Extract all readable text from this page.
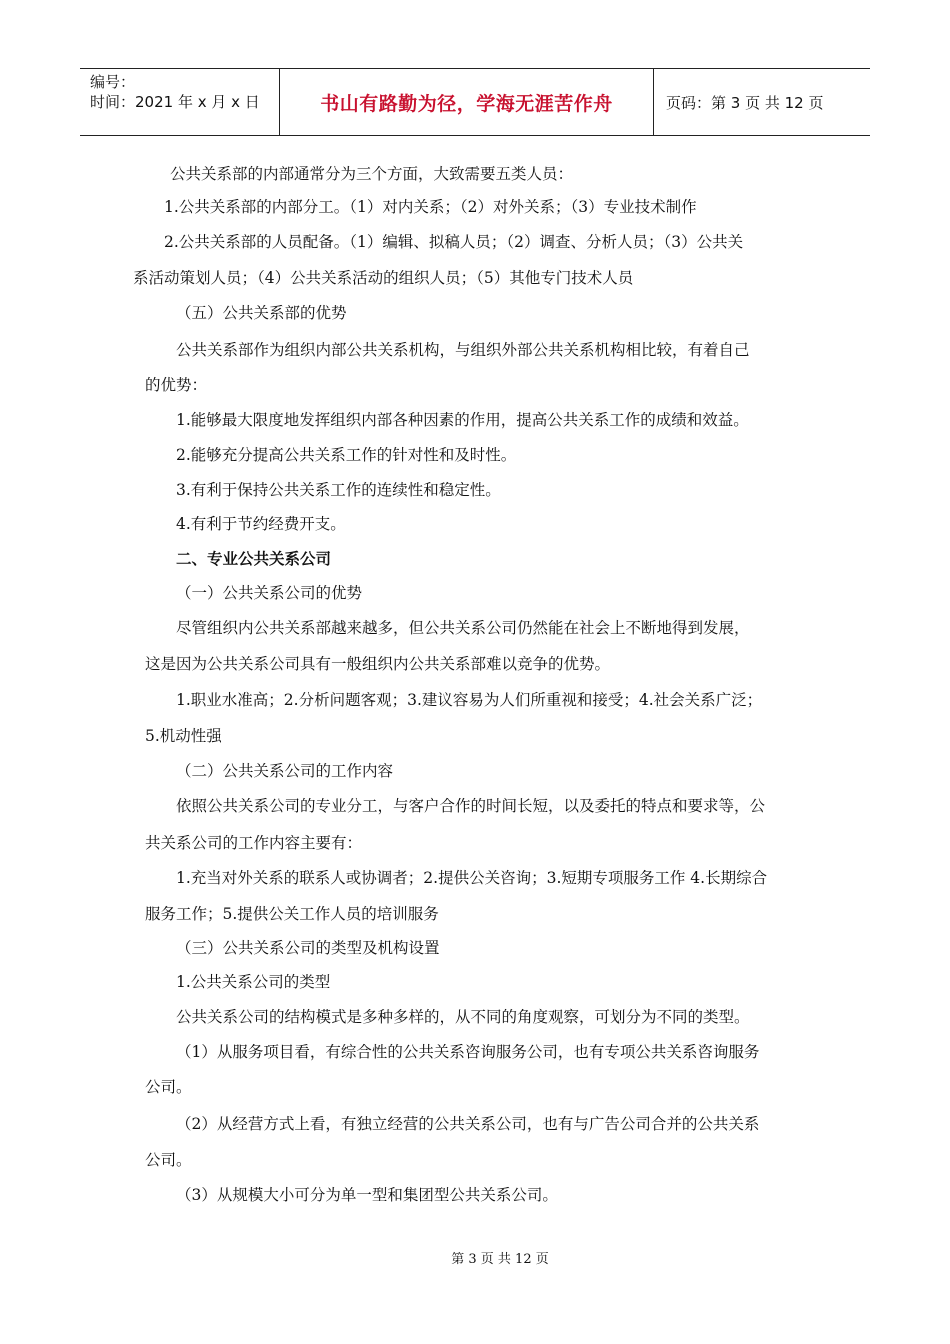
编号：
时间：2021 年 x 月 x 日	书山有路勤为径，学海无涯苦作舟	页码：第 3 页 共 12 页
公共关系部的内部通常分为三个方面，大致需要五类人员：
1.公共关系部的内部分工。（1）对内关系；（2）对外关系；（3）专业技术制作
2.公共关系部的人员配备。（1）编辑、拟稿人员；（2）调查、分析人员；（3）公共关
系活动策划人员；（4）公共关系活动的组织人员；（5）其他专门技术人员
（五）公共关系部的优势
公共关系部作为组织内部公共关系机构，与组织外部公共关系机构相比较，有着自己
的优势：
1.能够最大限度地发挥组织内部各种因素的作用，提高公共关系工作的成绩和效益。
2.能够充分提高公共关系工作的针对性和及时性。
3.有利于保持公共关系工作的连续性和稳定性。
4.有利于节约经费开支。
二、专业公共关系公司
（一）公共关系公司的优势
尽管组织内公共关系部越来越多，但公共关系公司仍然能在社会上不断地得到发展，
这是因为公共关系公司具有一般组织内公共关系部难以竞争的优势。
1.职业水准高；2.分析问题客观；3.建议容易为人们所重视和接受；4.社会关系广泛；
5.机动性强
（二）公共关系公司的工作内容
依照公共关系公司的专业分工，与客户合作的时间长短，以及委托的特点和要求等，公
共关系公司的工作内容主要有：
1.充当对外关系的联系人或协调者；2.提供公关咨询；3.短期专项服务工作 4.长期综合
服务工作；5.提供公关工作人员的培训服务
（三）公共关系公司的类型及机构设置
1.公共关系公司的类型
公共关系公司的结构模式是多种多样的，从不同的角度观察，可划分为不同的类型。
（1）从服务项目看，有综合性的公共关系咨询服务公司，也有专项公共关系咨询服务
公司。
（2）从经营方式上看，有独立经营的公共关系公司，也有与广告公司合并的公共关系
公司。
（3）从规模大小可分为单一型和集团型公共关系公司。
第 3 页 共 12 页
